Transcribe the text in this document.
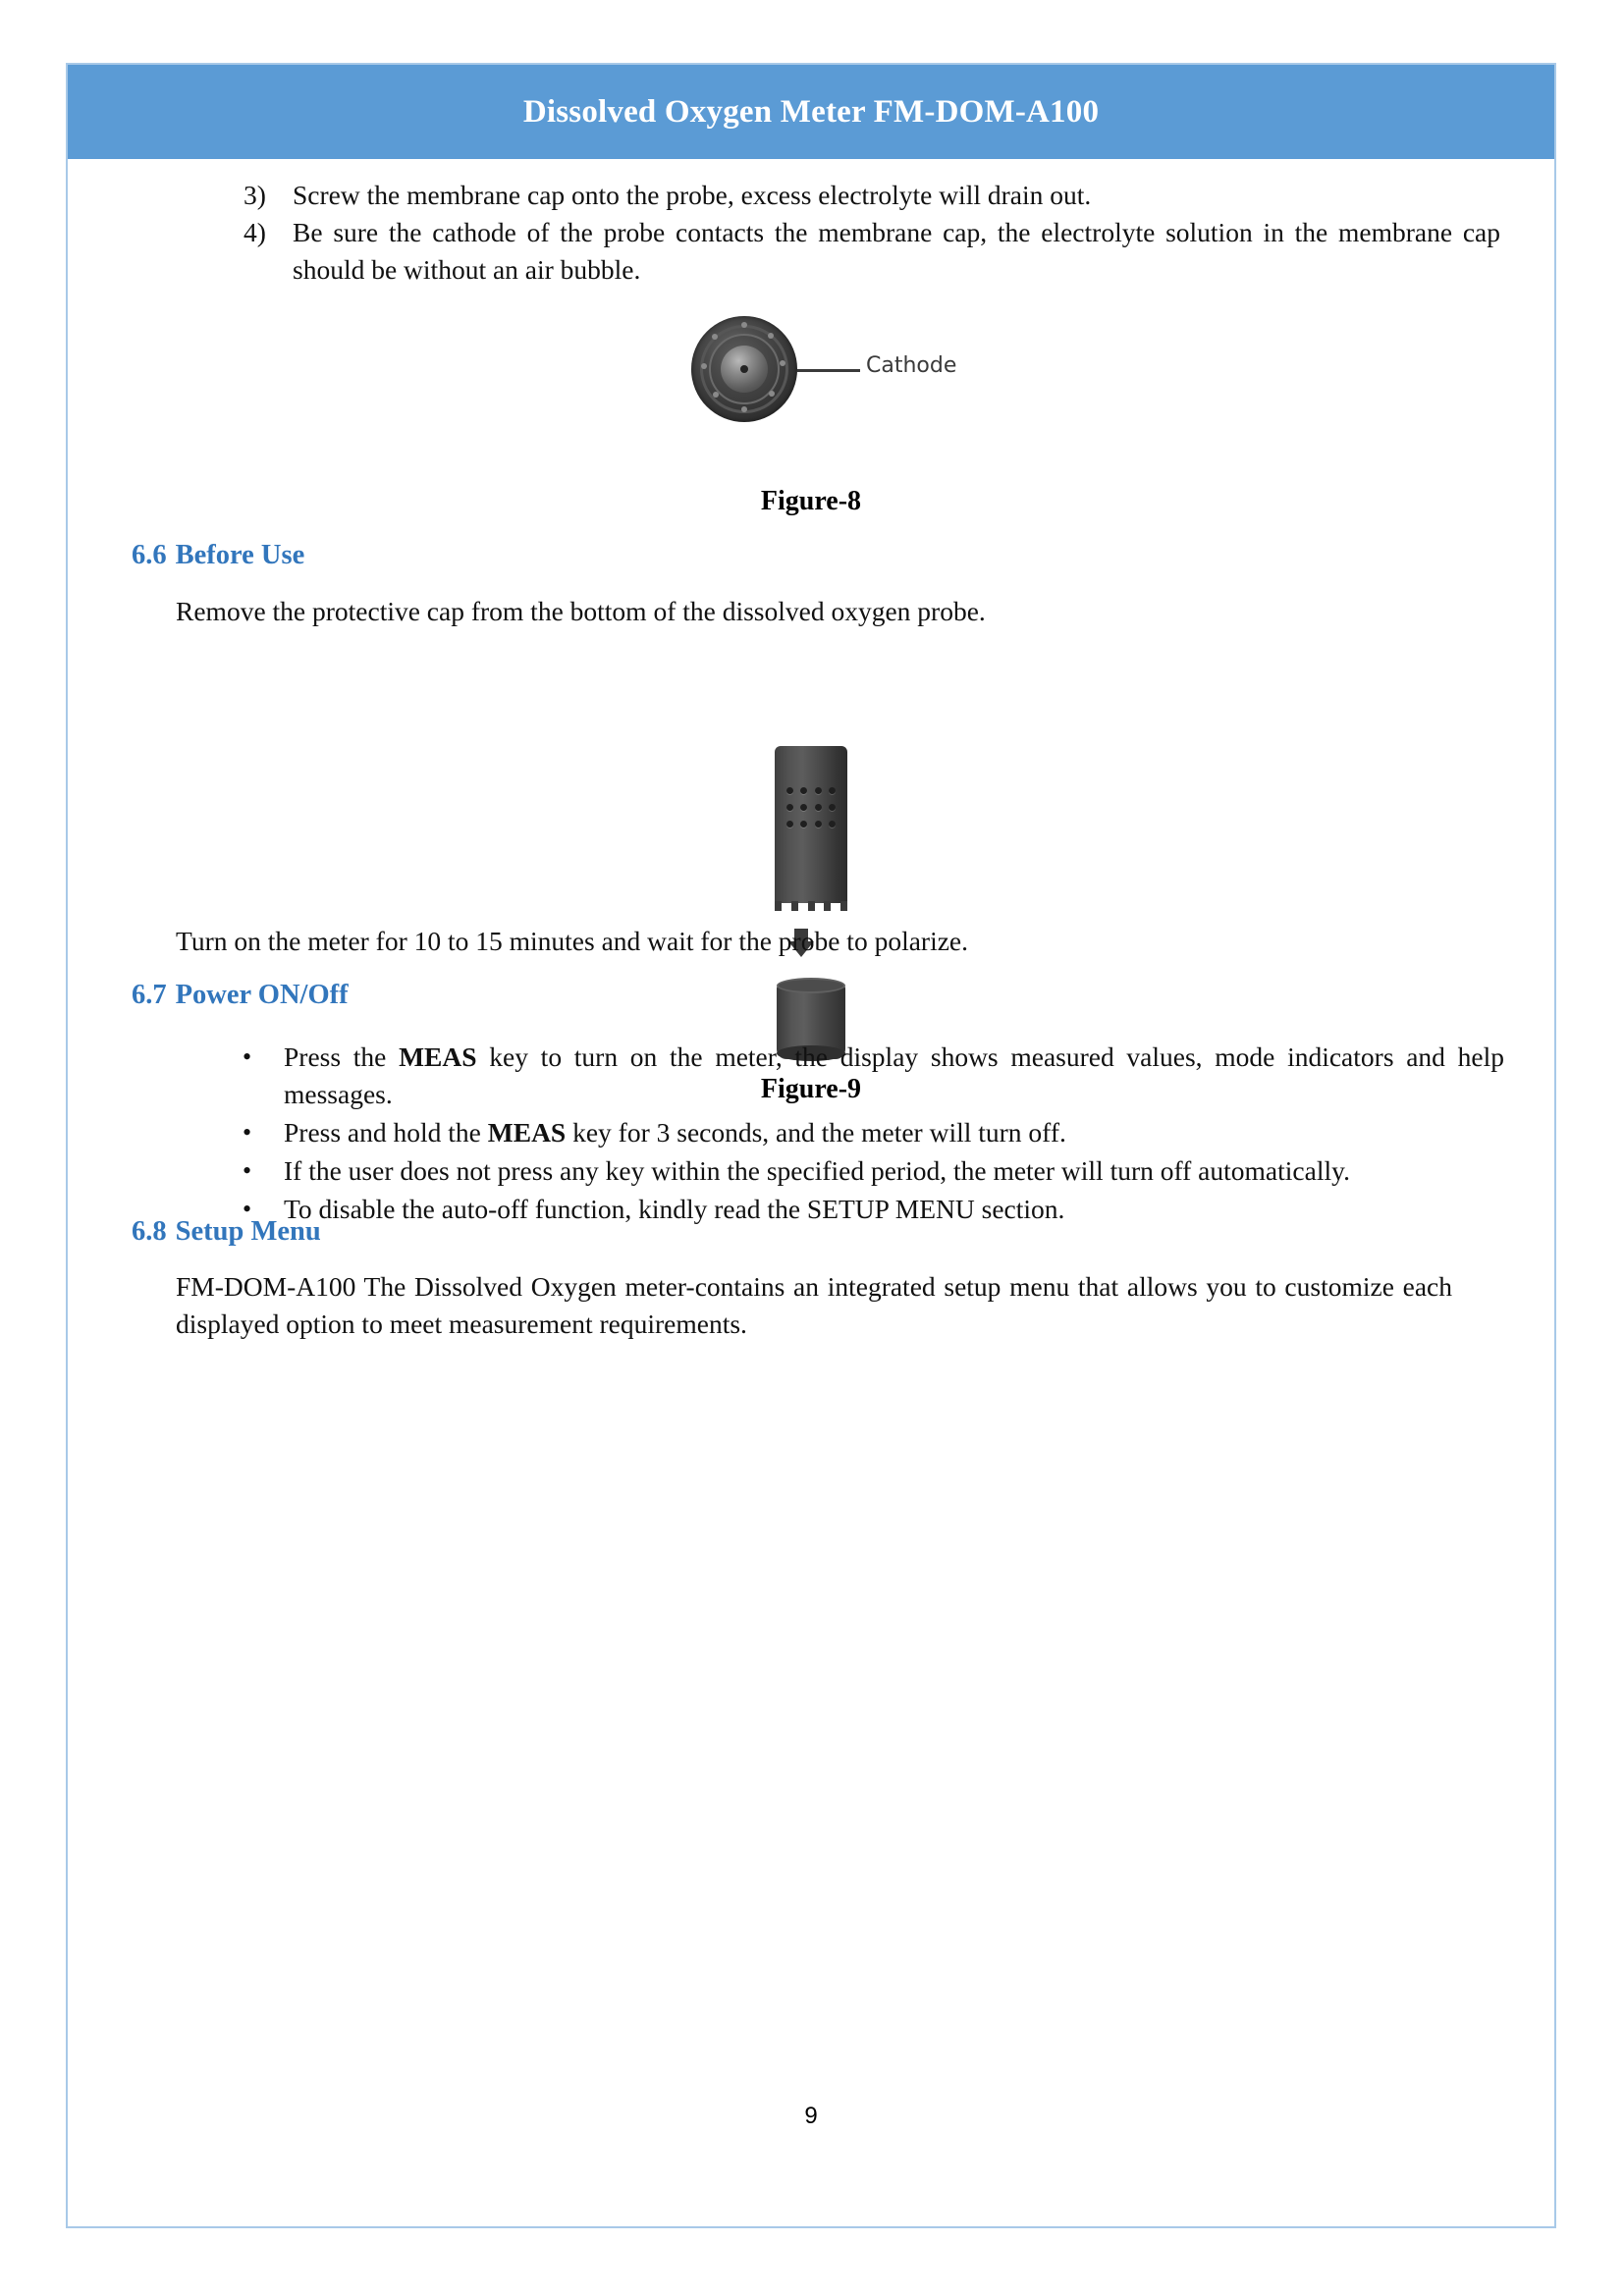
Dissolved Oxygen Meter FM-DOM-A100
3) Screw the membrane cap onto the probe, excess electrolyte will drain out.
4) Be sure the cathode of the probe contacts the membrane cap, the electrolyte solution in the membrane cap should be without an air bubble.
Cathode
Figure-8
6.6 Before Use
Remove the protective cap from the bottom of the dissolved oxygen probe.
Figure-9
Turn on the meter for 10 to 15 minutes and wait for the probe to polarize.
6.7 Power ON/Off
•	Press the MEAS key to turn on the meter, the display shows measured values, mode indicators and help messages.
•	Press and hold the MEAS key for 3 seconds, and the meter will turn off.
•	If the user does not press any key within the specified period, the meter will turn off automatically.
•	To disable the auto-off function, kindly read the SETUP MENU section.
6.8 Setup Menu
FM-DOM-A100 The Dissolved Oxygen meter-contains an integrated setup menu that allows you to customize each displayed option to meet measurement requirements.
9
